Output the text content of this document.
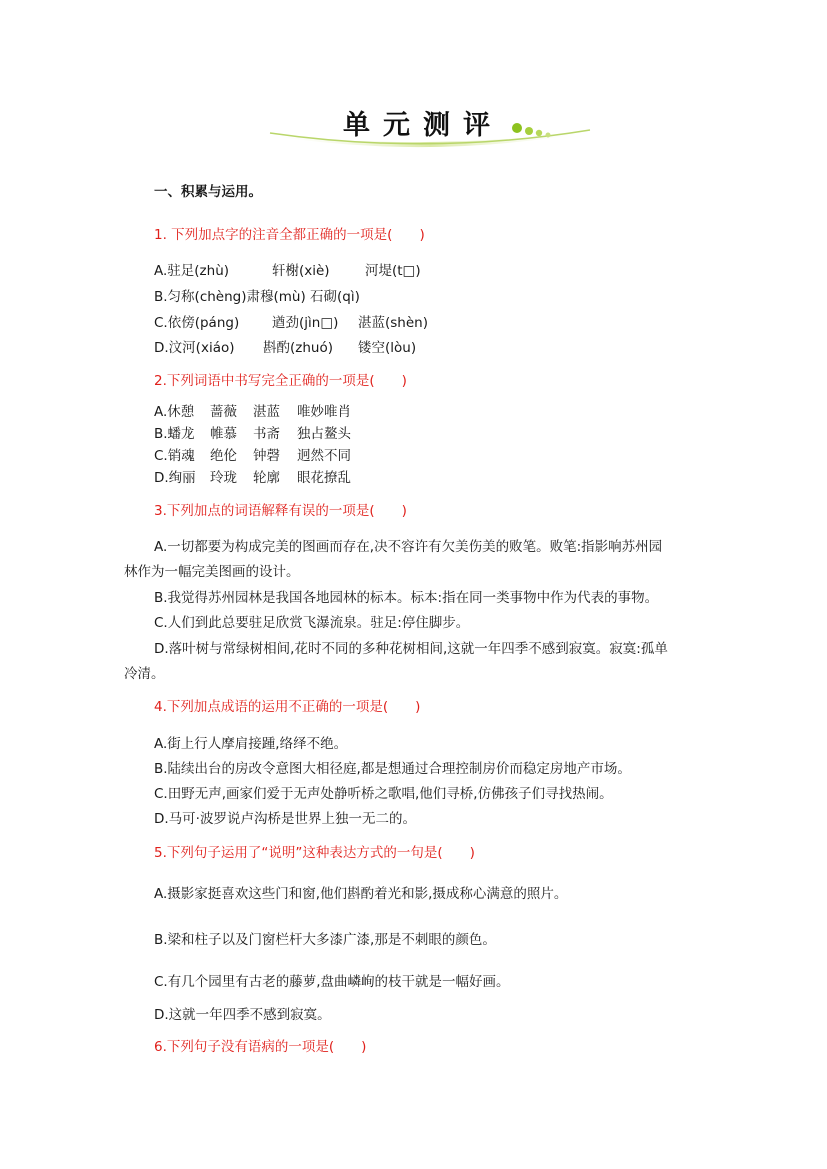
单元测评
一、积累与运用。
1. 下列加点字的注音全都正确的一项是(　　)
A.驻足(zhù)	轩榭(xiè)	河堤(t□)
B.匀称(chèng)肃穆(mù) 石砌(qì)
C.依傍(páng) 遒劲(jìn□) 湛蓝(shèn)
D.汶河(xiáo) 斟酌(zhuó) 镂空(lòu)
2.下列词语中书写完全正确的一项是(　　)
A.休憩 蔷薇 湛蓝 唯妙唯肖
B.蟠龙 帷慕 书斋 独占鳌头
C.销魂 绝伦 钟磬 迥然不同
D.绚丽 玲珑 轮廓 眼花撩乱
3.下列加点的词语解释有误的一项是(　　)
A.一切都要为构成完美的图画而存在,决不容许有欠美伤美的败笔。败笔:指影响苏州园
林作为一幅完美图画的设计。
B.我觉得苏州园林是我国各地园林的标本。标本:指在同一类事物中作为代表的事物。
C.人们到此总要驻足欣赏飞瀑流泉。驻足:停住脚步。
D.落叶树与常绿树相间,花时不同的多种花树相间,这就一年四季不感到寂寞。寂寞:孤单
冷清。
4.下列加点成语的运用不正确的一项是(　　)
A.街上行人摩肩接踵,络绎不绝。
B.陆续出台的房改令意图大相径庭,都是想通过合理控制房价而稳定房地产市场。
C.田野无声,画家们爱于无声处静听桥之歌唱,他们寻桥,仿佛孩子们寻找热闹。
D.马可·波罗说卢沟桥是世界上独一无二的。
5.下列句子运用了“说明”这种表达方式的一句是(　　)
A.摄影家挺喜欢这些门和窗,他们斟酌着光和影,摄成称心满意的照片。
B.梁和柱子以及门窗栏杆大多漆广漆,那是不刺眼的颜色。
C.有几个园里有古老的藤萝,盘曲嶙峋的枝干就是一幅好画。
D.这就一年四季不感到寂寞。
6.下列句子没有语病的一项是(　　)
